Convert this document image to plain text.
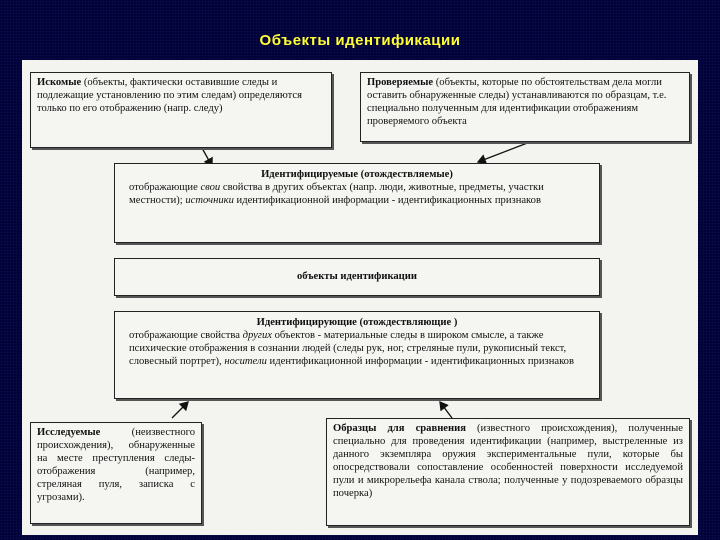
Объекты идентификации
Искомые (объекты, фактически оставившие следы и подлежащие установлению по этим следам) определяются только по его отображению (напр. следу)
Проверяемые (объекты, которые по обстоятельствам дела могли оставить обнаруженные следы) устанавливаются по образцам, т.е. специально полученным для идентификации отображениям проверяемого объекта
Идентифицируемые (отождествляемые)
отображающие свои свойства в других объектах (напр. люди, животные, предметы, участки местности); источники идентификационной информации - идентификационных признаков
объекты идентификации
Идентифицирующие (отождествляющие )
отображающие свойства других объектов - материальные следы в широком смысле, а также психические отображения в сознании людей (следы рук, ног, стреляные пули, рукописный текст, словесный портрет), носители идентификационной информации - идентификационных признаков
Исследуемые (неизвестного происхождения), обнаруженные на месте преступления следы-отображения (например, стреляная пуля, записка с угрозами).
Образцы для сравнения (известного происхождения), полученные специально для проведения идентификации (например, выстреленные из данного экземпляра оружия экспериментальные пули, которые бы опосредствовали сопоставление особенностей поверхности исследуемой пули и микрорельефа канала ствола; полученные у подозреваемого образцы почерка)
